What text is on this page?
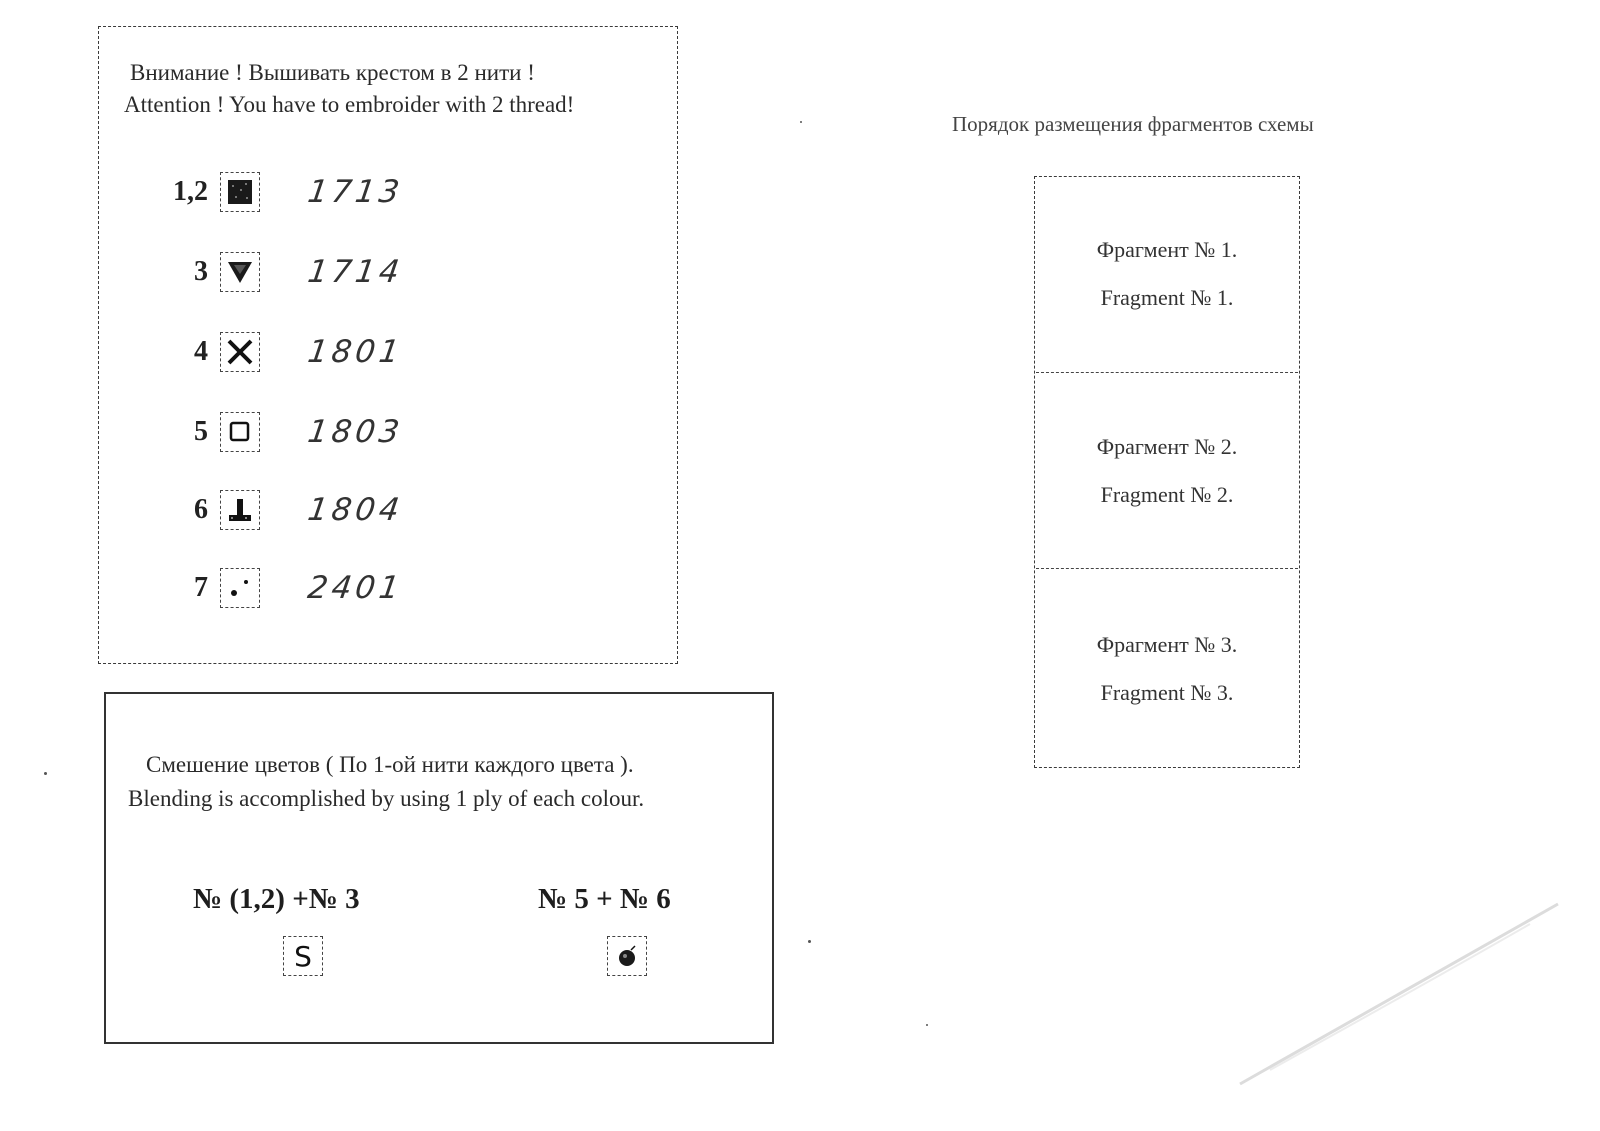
Внимание ! Вышивать крестом в 2 нити !
Attention ! You have to embroider with 2 thread!
1,2	1713
3	1714
4	1801
5	1803
6	1804
7	2401
Смешение цветов ( По 1-ой нити каждого цвета ).
Blending is accomplished by using 1 ply of each colour.
№ (1,2) +№ 3
S
№ 5 + № 6
Порядок размещения фрагментов схемы
Фрагмент № 1.
Fragment № 1.
Фрагмент № 2.
Fragment № 2.
Фрагмент № 3.
Fragment № 3.
